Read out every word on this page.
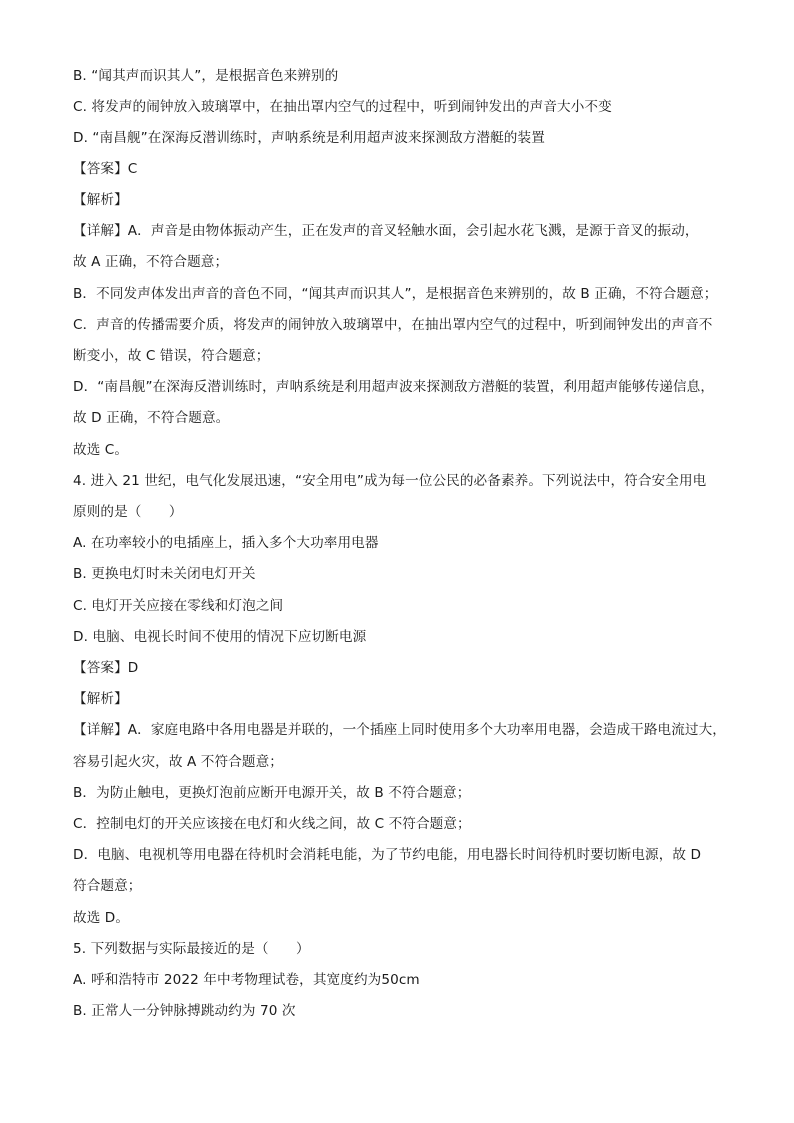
B. “闻其声而识其人”，是根据音色来辨别的
C. 将发声的闹钟放入玻璃罩中，在抽出罩内空气的过程中，听到闹钟发出的声音大小不变
D. “南昌舰”在深海反潜训练时，声呐系统是利用超声波来探测敌方潜艇的装置
【答案】C
【解析】
【详解】A．声音是由物体振动产生，正在发声的音叉轻触水面，会引起水花飞溅，是源于音叉的振动，
故 A 正确，不符合题意；
B．不同发声体发出声音的音色不同，“闻其声而识其人”，是根据音色来辨别的，故 B 正确，不符合题意；
C．声音的传播需要介质，将发声的闹钟放入玻璃罩中，在抽出罩内空气的过程中，听到闹钟发出的声音不
断变小，故 C 错误，符合题意；
D．“南昌舰”在深海反潜训练时，声呐系统是利用超声波来探测敌方潜艇的装置，利用超声能够传递信息，
故 D 正确，不符合题意。
故选 C。
4. 进入 21 世纪，电气化发展迅速，“安全用电”成为每一位公民的必备素养。下列说法中，符合安全用电
原则的是（　　）
A. 在功率较小的电插座上，插入多个大功率用电器
B. 更换电灯时未关闭电灯开关
C. 电灯开关应接在零线和灯泡之间
D. 电脑、电视长时间不使用的情况下应切断电源
【答案】D
【解析】
【详解】A．家庭电路中各用电器是并联的，一个插座上同时使用多个大功率用电器，会造成干路电流过大，
容易引起火灾，故 A 不符合题意；
B．为防止触电，更换灯泡前应断开电源开关，故 B 不符合题意；
C．控制电灯的开关应该接在电灯和火线之间，故 C 不符合题意；
D．电脑、电视机等用电器在待机时会消耗电能，为了节约电能，用电器长时间待机时要切断电源，故 D
符合题意；
故选 D。
5. 下列数据与实际最接近的是（　　）
A. 呼和浩特市 2022 年中考物理试卷，其宽度约为50cm
B. 正常人一分钟脉搏跳动约为 70 次
